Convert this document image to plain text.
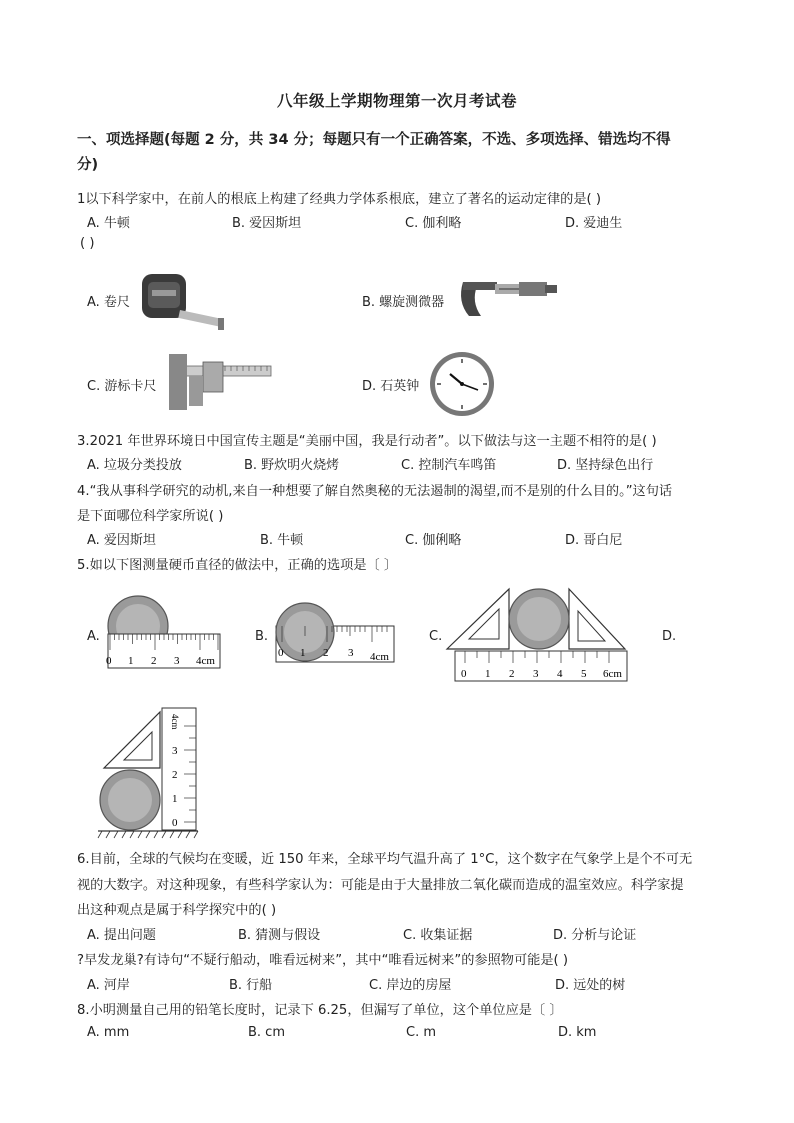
八年级上学期物理第一次月考试卷
一、项选择题(每题 2 分，共 34 分；每题只有一个正确答案，不选、多项选择、错选均不得
分)
1以下科学家中，在前人的根底上构建了经典力学体系根底，建立了著名的运动定律的是( )
A. 牛顿	B. 爱因斯坦	C. 伽利略	D. 爱迪生
( )
A. 卷尺	B. 螺旋测微器
C. 游标卡尺	D. 石英钟
3.2021 年世界环境日中国宣传主题是“美丽中国，我是行动者”。以下做法与这一主题不相符的是( )
A. 垃圾分类投放	B. 野炊明火烧烤	C. 控制汽车鸣笛	D. 坚持绿色出行
4.“我从事科学研究的动机,来自一种想要了解自然奥秘的无法遏制的渴望,而不是别的什么目的。”这句话
是下面哪位科学家所说( )
A. 爱因斯坦	B. 牛顿	C. 伽俐略	D. 哥白尼
5.如以下图测量硬币直径的做法中，正确的选项是〔 〕
A.
0 1 2 3 4cm
B.
0 1 2 3 4cm
C.
0 1 2 3 4 5 6cm
D.
0
1
2
3
4cm
6.目前，全球的气候均在变暖，近 150 年来，全球平均气温升高了 1°C，这个数字在气象学上是个不可无
视的大数字。对这种现象，有些科学家认为：可能是由于大量排放二氧化碳而造成的温室效应。科学家提
出这种观点是属于科学探究中的( )
A. 提出问题	B. 猜测与假设	C. 收集证据	D. 分析与论证
?早发龙巢?有诗句“不疑行船动，唯看远树来”，其中“唯看远树来”的参照物可能是( )
A. 河岸	B. 行船	C. 岸边的房屋	D. 远处的树
8.小明测量自己用的铅笔长度时，记录下 6.25，但漏写了单位，这个单位应是〔 〕
A. mm	B. cm	C. m	D. km
